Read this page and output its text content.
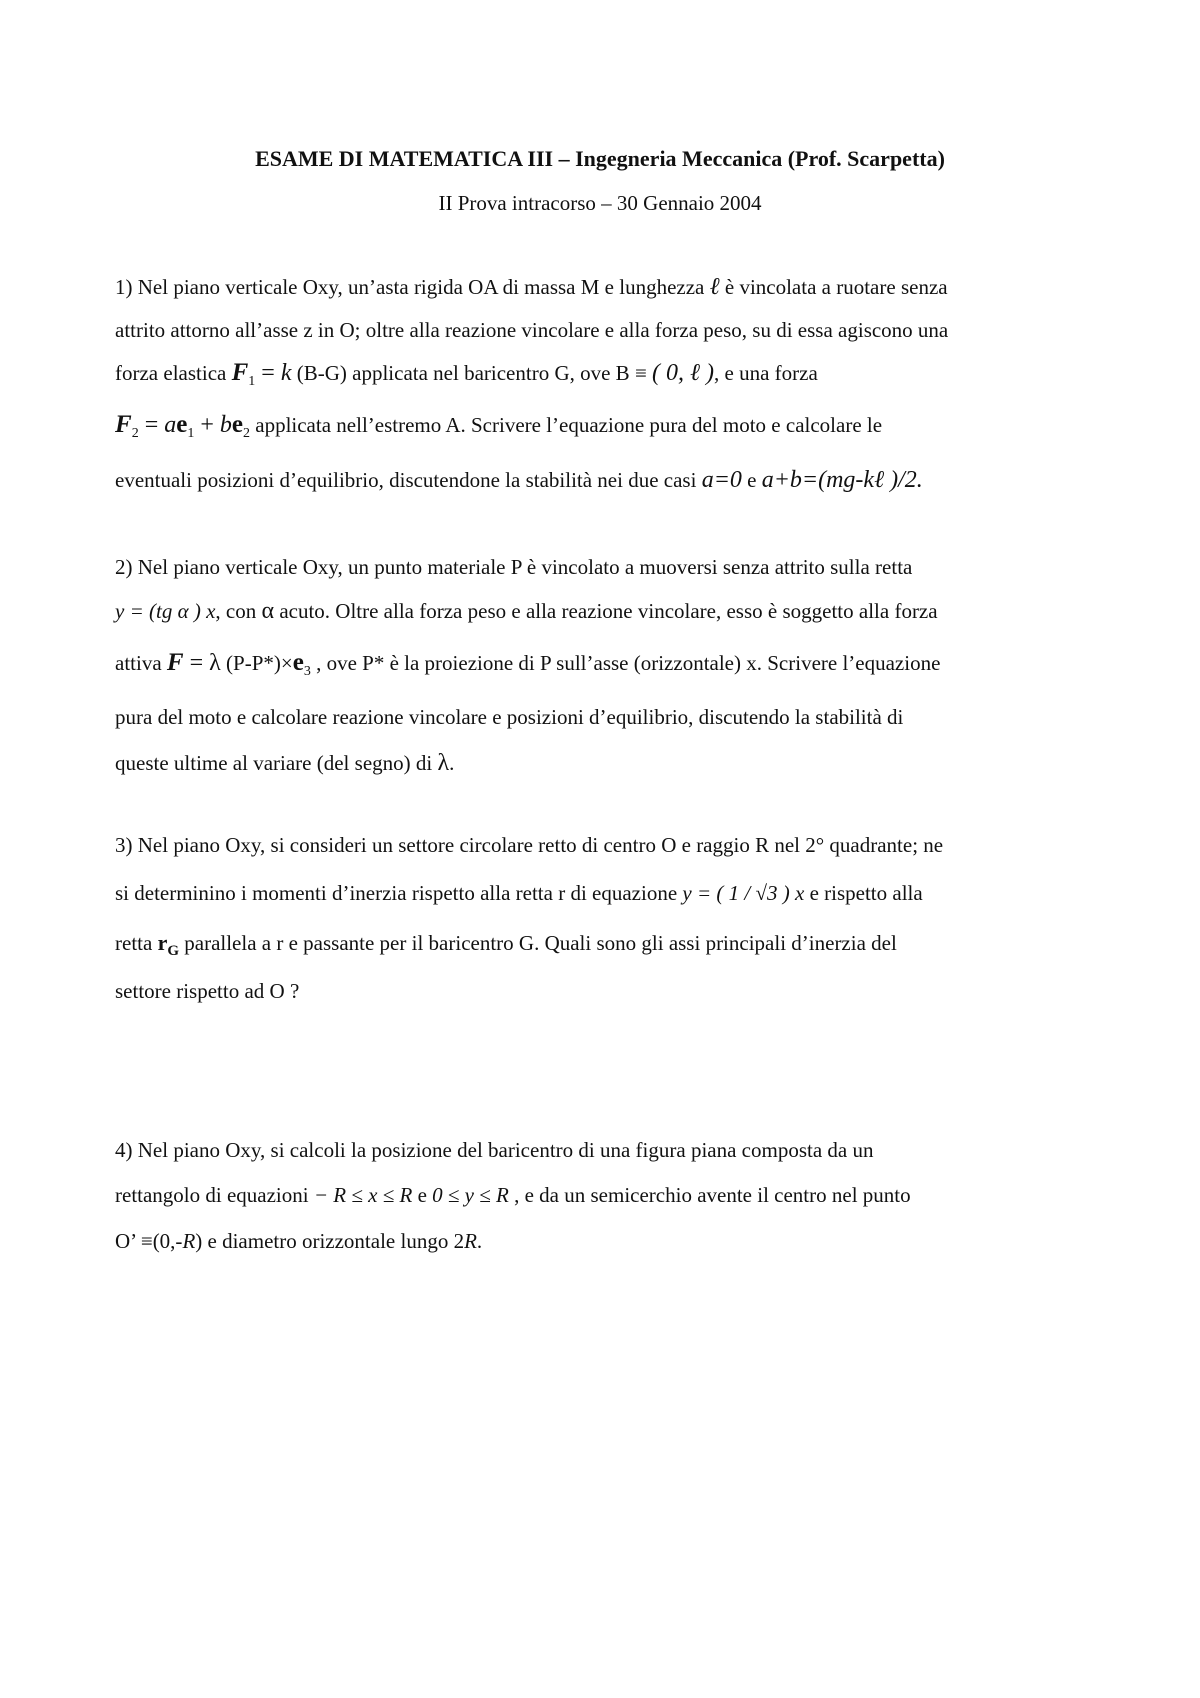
ESAME DI MATEMATICA III – Ingegneria Meccanica (Prof. Scarpetta)
II Prova intracorso – 30 Gennaio 2004
1) Nel piano verticale Oxy, un’asta rigida OA di massa M e lunghezza ℓ è vincolata a ruotare senza
attrito attorno all’asse z in O; oltre alla reazione vincolare e alla forza peso, su di essa agiscono una
forza elastica $F_1 = k$ (B-G) applicata nel baricentro G, ove B ≡ ( 0, ℓ ), e una forza
$F_2 = ae_1 + be_2$ applicata nell’estremo A. Scrivere l’equazione pura del moto e calcolare le
eventuali posizioni d’equilibrio, discutendone la stabilità nei due casi a=0 e a+b=(mg-kℓ )/2.
2) Nel piano verticale Oxy, un punto materiale P è vincolato a muoversi senza attrito sulla retta
y = (tg α ) x, con α acuto. Oltre alla forza peso e alla reazione vincolare, esso è soggetto alla forza
attiva F = λ $(P-P*)\times e_3$ , ove P* è la proiezione di P sull’asse (orizzontale) x. Scrivere l’equazione
pura del moto e calcolare reazione vincolare e posizioni d’equilibrio, discutendo la stabilità di
queste ultime al variare (del segno) di λ.
3) Nel piano Oxy, si consideri un settore circolare retto di centro O e raggio R nel 2° quadrante; ne
si determinino i momenti d’inerzia rispetto alla retta r di equazione y = ( 1 / √3 ) x e rispetto alla
retta $r_G$ parallela a r e passante per il baricentro G. Quali sono gli assi principali d’inerzia del
settore rispetto ad O ?
4) Nel piano Oxy, si calcoli la posizione del baricentro di una figura piana composta da un
rettangolo di equazioni − R ≤ x ≤ R e 0 ≤ y ≤ R , e da un semicerchio avente il centro nel punto
O’ ≡(0,-R) e diametro orizzontale lungo 2R.
